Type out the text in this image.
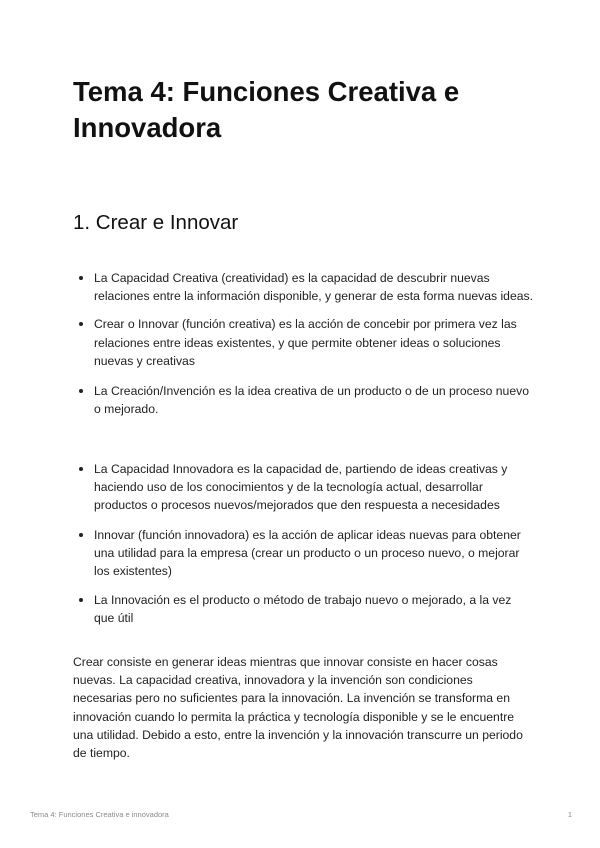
Tema 4: Funciones Creativa e Innovadora
1. Crear e Innovar
La Capacidad Creativa (creatividad) es la capacidad de descubrir nuevas relaciones entre la información disponible, y generar de esta forma nuevas ideas.
Crear o Innovar (función creativa) es la acción de concebir por primera vez las relaciones entre ideas existentes, y que permite obtener ideas o soluciones nuevas y creativas
La Creación/Invención es la idea creativa de un producto o de un proceso nuevo o mejorado.
La Capacidad Innovadora es la capacidad de, partiendo de ideas creativas y haciendo uso de los conocimientos y de la tecnología actual, desarrollar productos o procesos nuevos/mejorados que den respuesta a necesidades
Innovar (función innovadora) es la acción de aplicar ideas nuevas para obtener una utilidad para la empresa (crear un producto o un proceso nuevo, o mejorar los existentes)
La Innovación es el producto o método de trabajo nuevo o mejorado, a la vez que útil

Crear consiste en generar ideas mientras que innovar consiste en hacer cosas nuevas. La capacidad creativa, innovadora y la invención son condiciones necesarias pero no suficientes para la innovación. La invención se transforma en innovación cuando lo permita la práctica y tecnología disponible y se le encuentre una utilidad. Debido a esto, entre la invención y la innovación transcurre un periodo de tiempo.

Tema 4: Funciones Creativa e innovadora	1
